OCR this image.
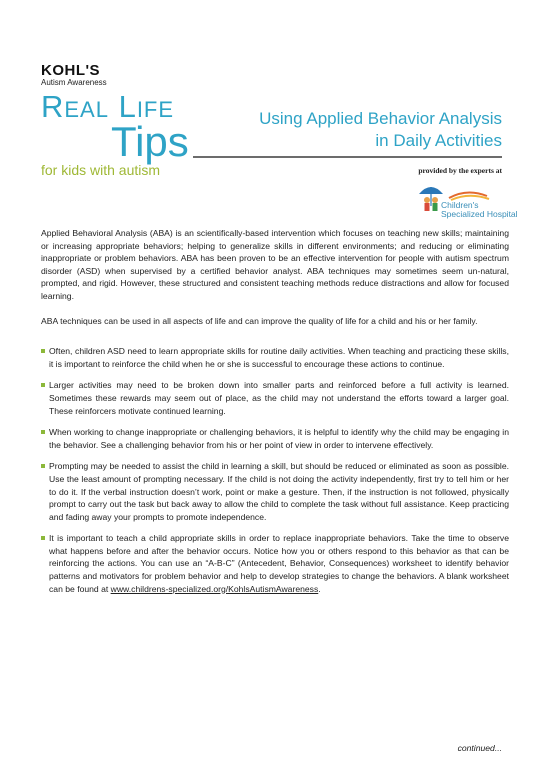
KOHL'S
Autism Awareness
Real Life
Tips
for kids with autism
Using Applied Behavior Analysis
in Daily Activities
provided by the experts at
Children's
Specialized Hospital

Applied Behavioral Analysis (ABA) is an scientifically-based intervention which focuses on teaching new skills; maintaining or increasing appropriate behaviors; helping to generalize skills in different environments; and reducing or eliminating inappropriate or problem behaviors. ABA has been proven to be an effective intervention for people with autism spectrum disorder (ASD) when supervised by a certified behavior analyst. ABA techniques may sometimes seem un-natural, prompted, and rigid. However, these structured and consistent teaching methods reduce distractions and allow for focused learning.

ABA techniques can be used in all aspects of life and can improve the quality of life for a child and his or her family.

Often, children ASD need to learn appropriate skills for routine daily activities. When teaching and practicing these skills, it is important to reinforce the child when he or she is successful to encourage these actions to continue.
Larger activities may need to be broken down into smaller parts and reinforced before a full activity is learned. Sometimes these rewards may seem out of place, as the child may not understand the efforts toward a larger goal. These reinforcers motivate continued learning.
When working to change inappropriate or challenging behaviors, it is helpful to identify why the child may be engaging in the behavior. See a challenging behavior from his or her point of view in order to intervene effectively.
Prompting may be needed to assist the child in learning a skill, but should be reduced or eliminated as soon as possible. Use the least amount of prompting necessary. If the child is not doing the activity independently, first try to tell him or her to do it. If the verbal instruction doesn’t work, point or make a gesture. Then, if the instruction is not followed, physically prompt to carry out the task but back away to allow the child to complete the task without full assistance. Keep practicing and fading away your prompts to promote independence.
It is important to teach a child appropriate skills in order to replace inappropriate behaviors. Take the time to observe what happens before and after the behavior occurs. Notice how you or others respond to this behavior as that can be reinforcing the actions. You can use an “A-B-C” (Antecedent, Behavior, Consequences) worksheet to identify behavior patterns and motivators for problem behavior and help to develop strategies to change the behaviors. A blank worksheet can be found at www.childrens-specialized.org/KohlsAutismAwareness.
continued...
